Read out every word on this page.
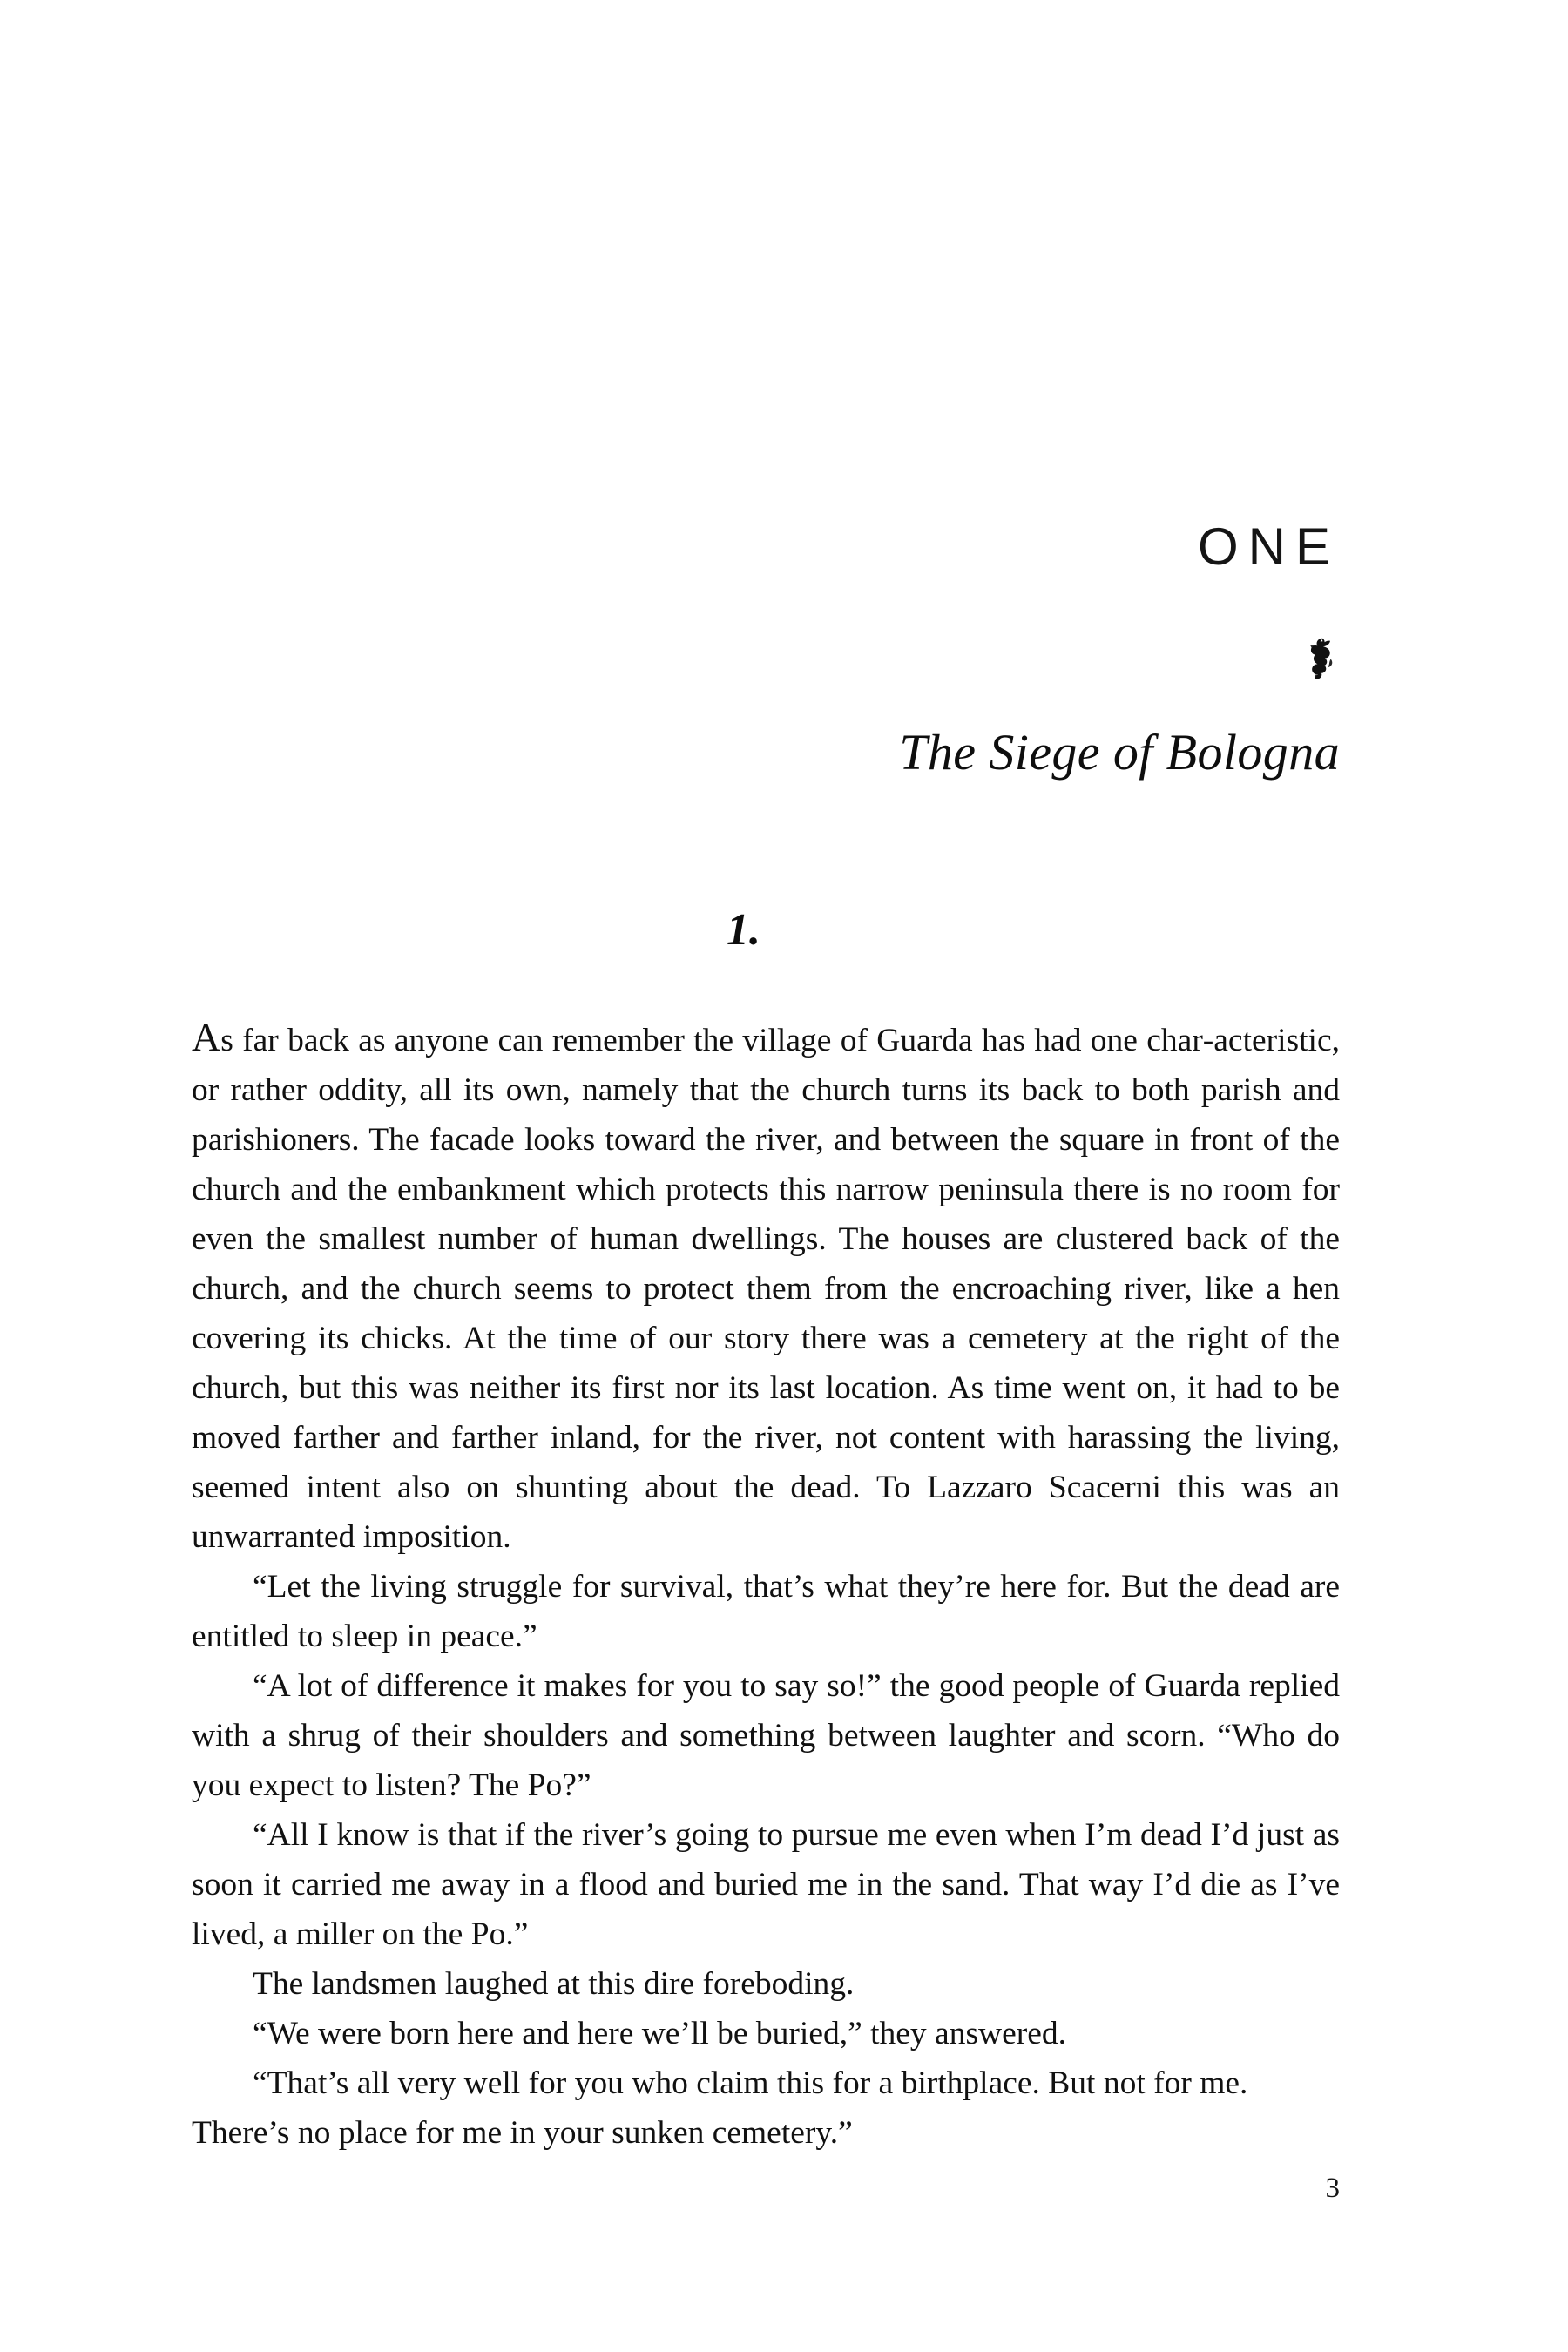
ONE
The Siege of Bologna
1.

As far back as anyone can remember the village of Guarda has had one char‑acteristic, or rather oddity, all its own, namely that the church turns its back to both parish and parishioners. The facade looks toward the river, and between the square in front of the church and the embankment which protects this narrow peninsula there is no room for even the smallest number of human dwellings. The houses are clustered back of the church, and the church seems to protect them from the encroaching river, like a hen covering its chicks. At the time of our story there was a cemetery at the right of the church, but this was neither its first nor its last location. As time went on, it had to be moved farther and farther inland, for the river, not content with harassing the living, seemed intent also on shunting about the dead. To Lazzaro Scacerni this was an unwarranted imposition.

“Let the living struggle for survival, that’s what they’re here for. But the dead are entitled to sleep in peace.”

“A lot of difference it makes for you to say so!” the good people of Guarda replied with a shrug of their shoulders and something between laughter and scorn. “Who do you expect to listen? The Po?”

“All I know is that if the river’s going to pursue me even when I’m dead I’d just as soon it carried me away in a flood and buried me in the sand. That way I’d die as I’ve lived, a miller on the Po.”

The landsmen laughed at this dire foreboding.

“We were born here and here we’ll be buried,” they answered.

“That’s all very well for you who claim this for a birthplace. But not for me. There’s no place for me in your sunken cemetery.”

3
